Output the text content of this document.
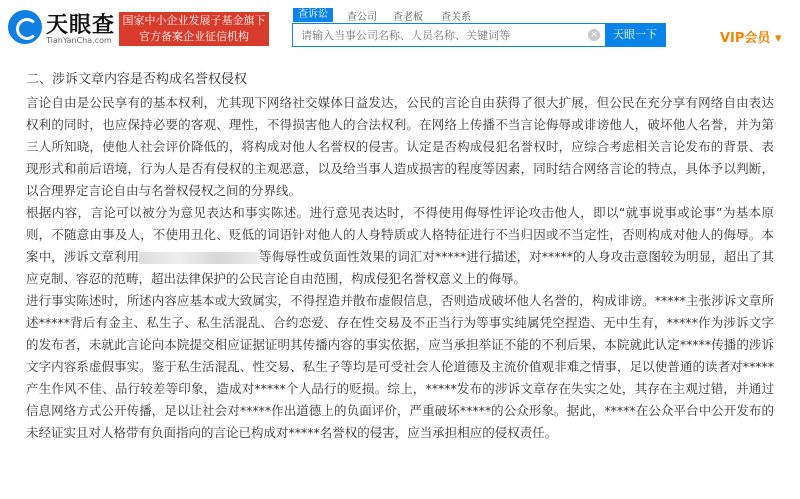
天眼查
TianYanCha.com
国家中小企业发展子基金旗下
官方备案企业征信机构
查诉讼	查公司 查老板 查关系
请输入当事公司名称、人员名称、关键词等
×	天眼一下	VIP会员 ▾
二、涉诉文章内容是否构成名誉权侵权

言论自由是公民享有的基本权利，尤其现下网络社交媒体日益发达，公民的言论自由获得了很大扩展，但公民在充分享有网络自由表达权利的同时，也应保持必要的客观、理性，不得损害他人的合法权利。在网络上传播不当言论侮辱或诽谤他人，破坏他人名誉，并为第三人所知晓，使他人社会评价降低的，将构成对他人名誉权的侵害。认定是否构成侵犯名誉权时，应综合考虑相关言论发布的背景、表现形式和前后语境，行为人是否有侵权的主观恶意，以及给当事人造成损害的程度等因素，同时结合网络言论的特点，具体予以判断，以合理界定言论自由与名誉权侵权之间的分界线。

根据内容，言论可以被分为意见表达和事实陈述。进行意见表达时，不得使用侮辱性评论攻击他人，即以“就事说事或论事”为基本原则，不随意由事及人，不使用丑化、贬低的词语针对他人的人身特质或人格特征进行不当归因或不当定性，否则构成对他人的侮辱。本案中，涉诉文章利用	等侮辱性或负面性效果的词汇对*****进行描述，对*****的人身攻击意图较为明显，超出了其应克制、容忍的范畴，超出法律保护的公民言论自由范围，构成侵犯名誉权意义上的侮辱。

进行事实陈述时，所述内容应基本或大致属实，不得捏造并散布虚假信息，否则造成破坏他人名誉的，构成诽谤。*****主张涉诉文章所述*****背后有金主、私生子、私生活混乱、合约恋爱、存在性交易及不正当行为等事实纯属凭空捏造、无中生有，*****作为涉诉文字的发布者，未就此言论向本院提交相应证据证明其传播内容的事实依据，应当承担举证不能的不利后果，本院就此认定*****传播的涉诉文字内容系虚假事实。鉴于私生活混乱、性交易、私生子等均是可受社会人伦道德及主流价值观非难之情事，足以使普通的读者对*****产生作风不佳、品行较差等印象，造成对*****个人品行的贬损。综上，*****发布的涉诉文章存在失实之处，其存在主观过错，并通过信息网络方式公开传播，足以让社会对*****作出道德上的负面评价，严重破坏*****的公众形象。据此，*****在公众平台中公开发布的未经证实且对人格带有负面指向的言论已构成对*****名誉权的侵害，应当承担相应的侵权责任。
